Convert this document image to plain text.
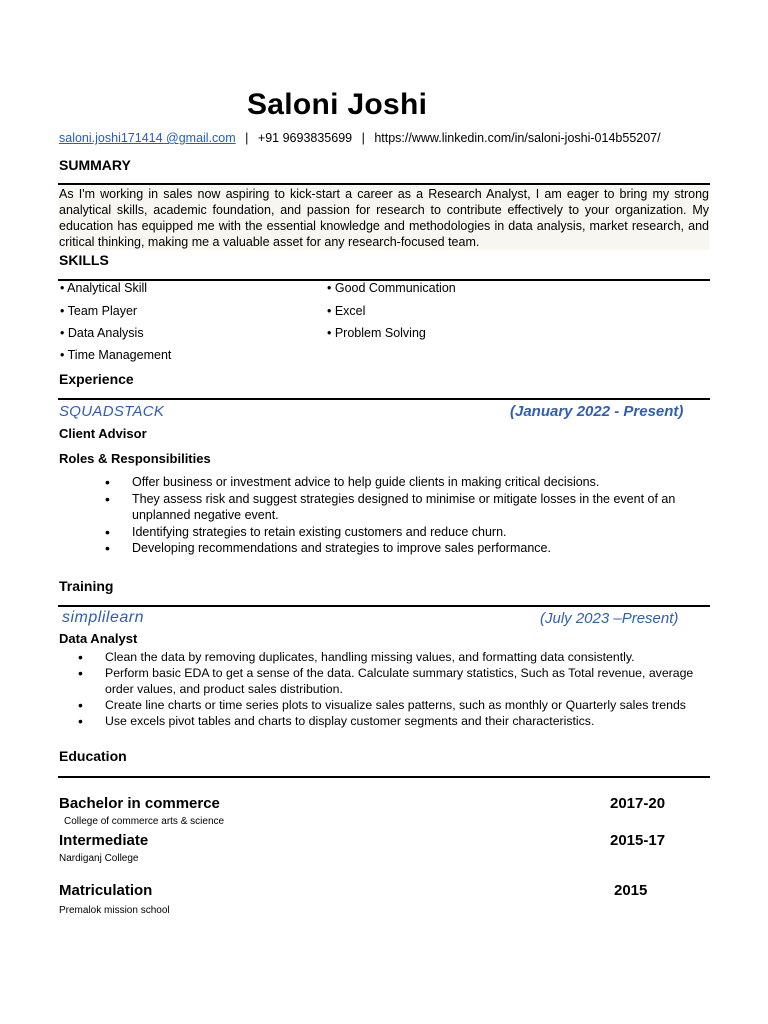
Saloni Joshi
saloni.joshi171414 @gmail.com | +91 9693835699 | https://www.linkedin.com/in/saloni-joshi-014b55207/
SUMMARY
As I'm working in sales now aspiring to kick-start a career as a Research Analyst, I am eager to bring my strong analytical skills, academic foundation, and passion for research to contribute effectively to your organization. My education has equipped me with the essential knowledge and methodologies in data analysis, market research, and critical thinking, making me a valuable asset for any research-focused team.
SKILLS
• Analytical Skill
• Team Player
• Data Analysis
• Time Management
• Good Communication
• Excel
• Problem Solving
Experience
SQUADSTACK	(January 2022 - Present)
Client Advisor
Roles & Responsibilities
• Offer business or investment advice to help guide clients in making critical decisions.
• They assess risk and suggest strategies designed to minimise or mitigate losses in the event of an unplanned negative event.
• Identifying strategies to retain existing customers and reduce churn.
• Developing recommendations and strategies to improve sales performance.
Training
simplilearn	(July 2023 –Present)
Data Analyst
• Clean the data by removing duplicates, handling missing values, and formatting data consistently.
• Perform basic EDA to get a sense of the data. Calculate summary statistics, Such as Total revenue, average order values, and product sales distribution.
• Create line charts or time series plots to visualize sales patterns, such as monthly or Quarterly sales trends
• Use excels pivot tables and charts to display customer segments and their characteristics.
Education
Bachelor in commerce	2017-20
College of commerce arts & science
Intermediate	2015-17
Nardiganj College
Matriculation	2015
Premalok mission school
